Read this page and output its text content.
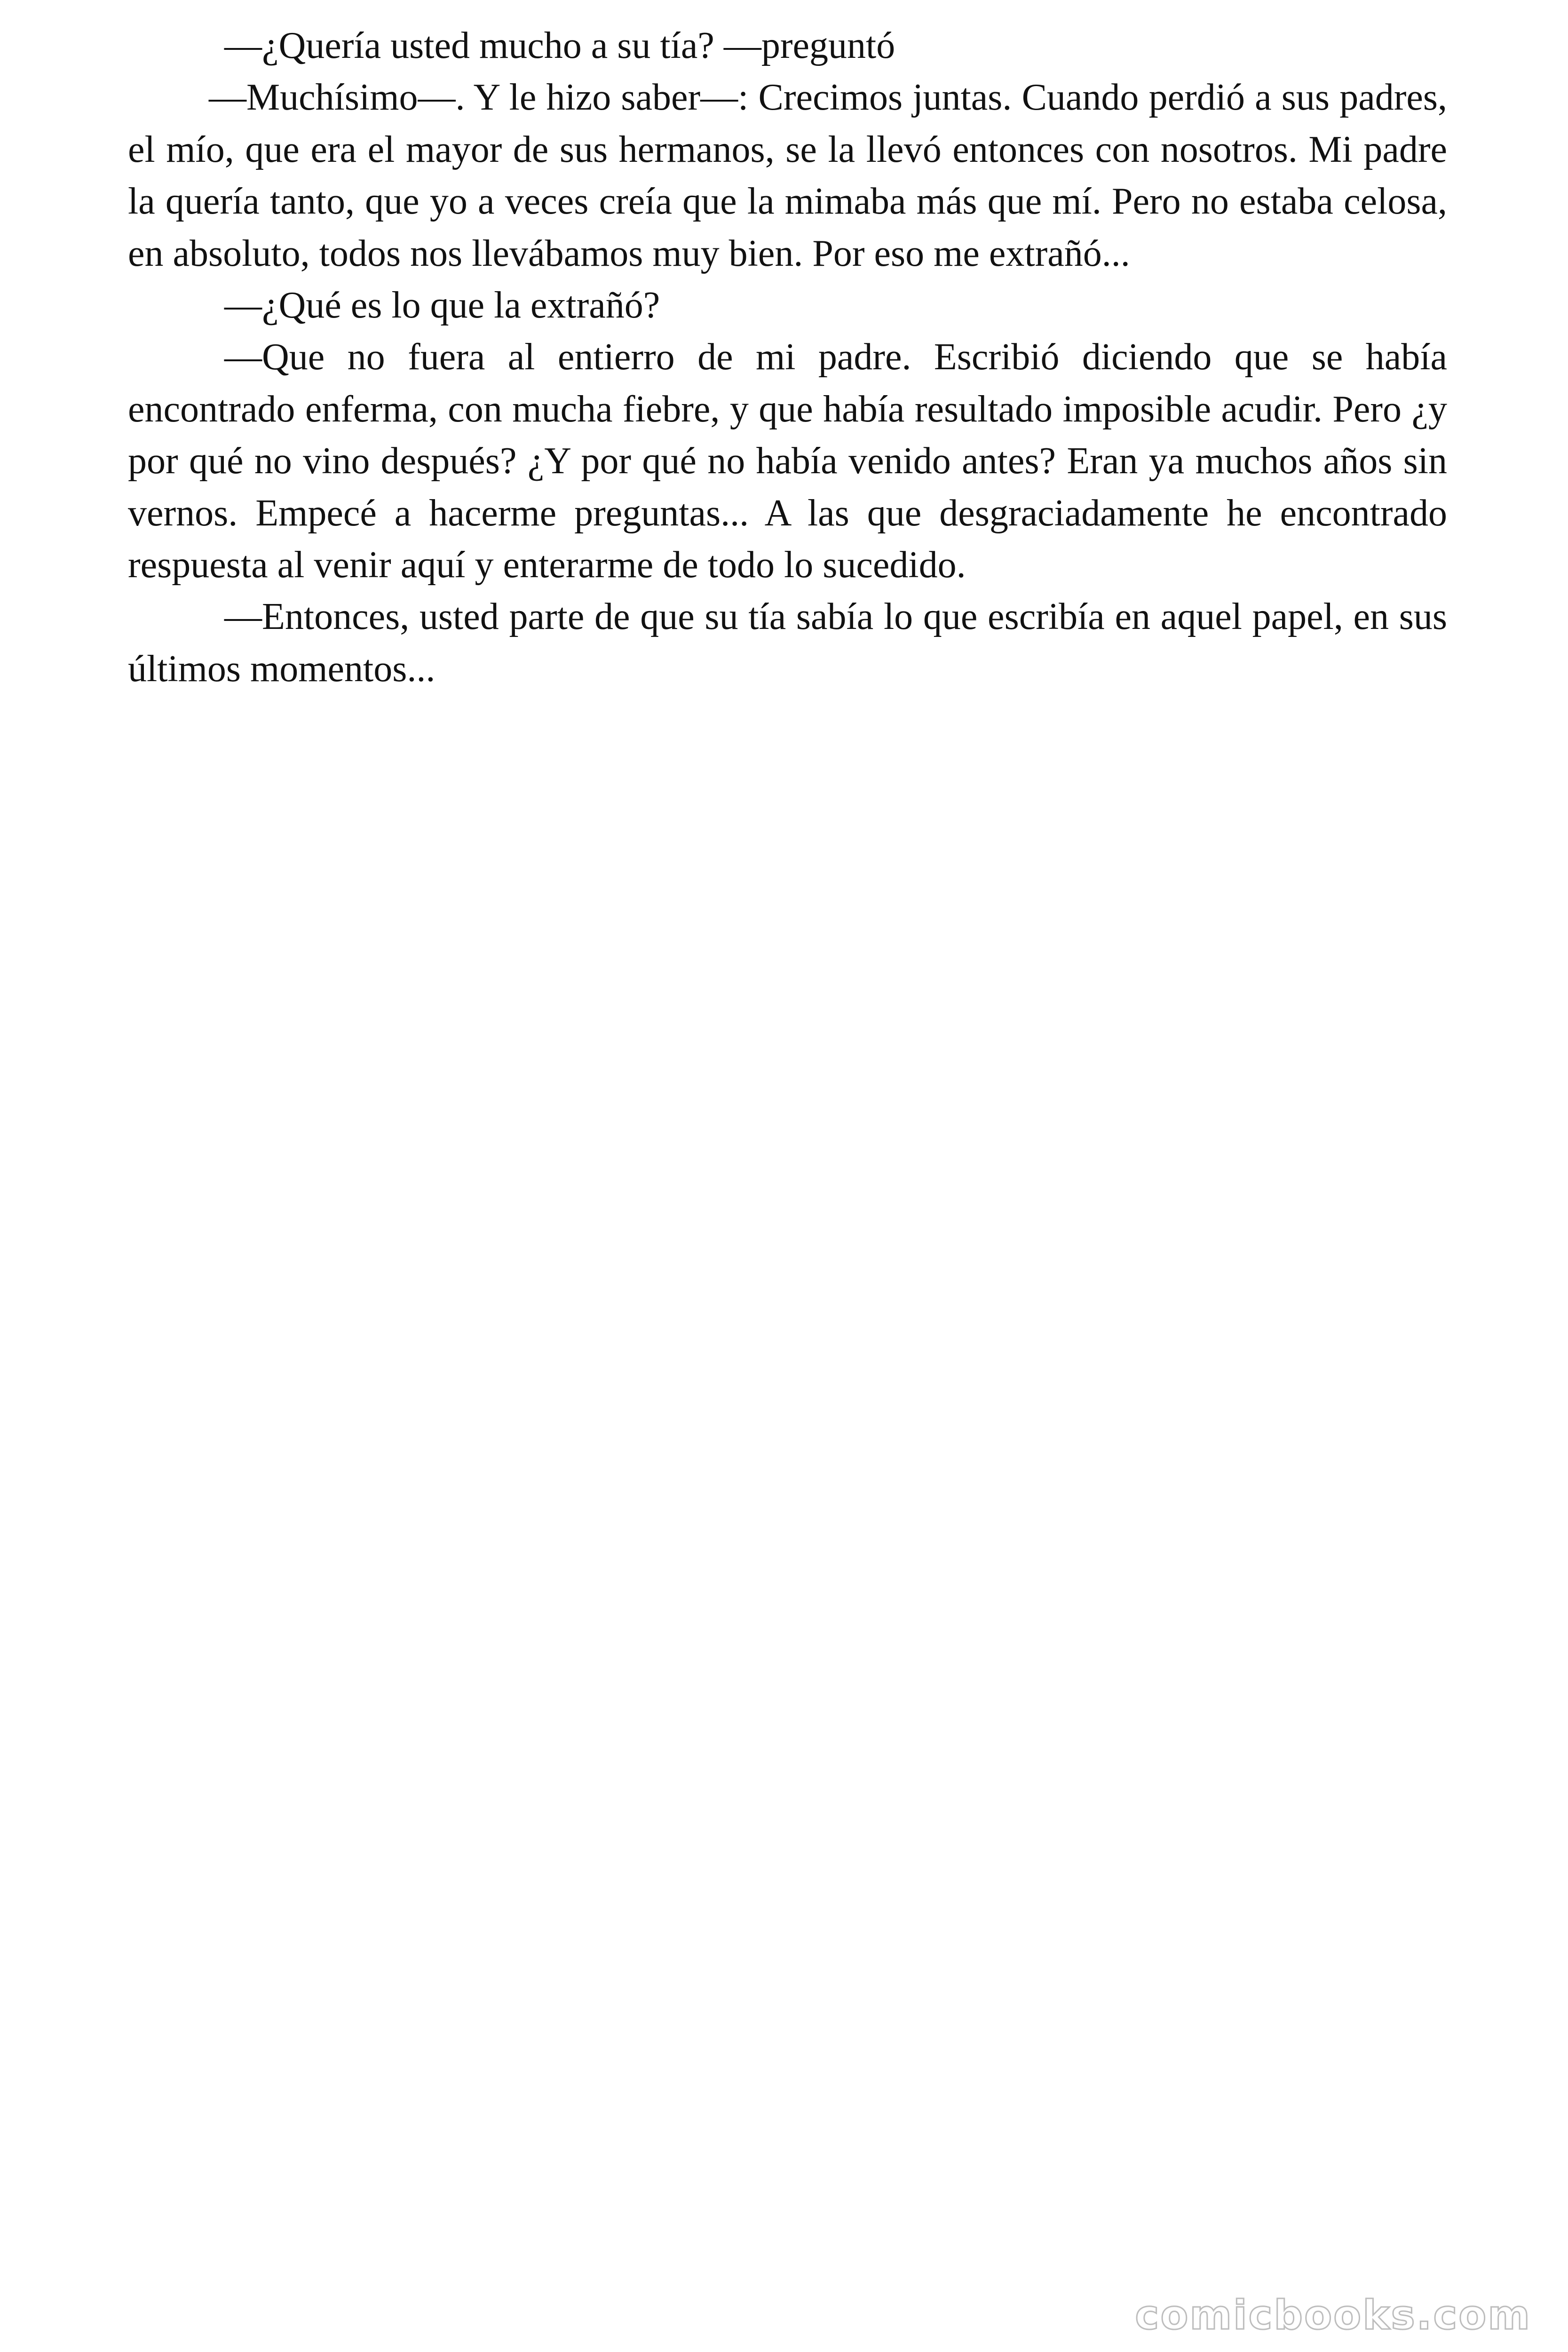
—¿Quería usted mucho a su tía? —preguntó

—Muchísimo—. Y le hizo saber—: Crecimos juntas. Cuando perdió a sus padres, el mío, que era el mayor de sus hermanos, se la llevó entonces con nosotros. Mi padre la quería tanto, que yo a veces creía que la mimaba más que mí. Pero no estaba celosa, en absoluto, todos nos llevábamos muy bien. Por eso me extrañó...

—¿Qué es lo que la extrañó?

—Que no fuera al entierro de mi padre. Escribió diciendo que se había encontrado enferma, con mucha fiebre, y que había resultado imposible acudir. Pero ¿y por qué no vino después? ¿Y por qué no había venido antes? Eran ya muchos años sin vernos. Empecé a hacerme preguntas... A las que desgraciadamente he encontrado respuesta al venir aquí y enterarme de todo lo sucedido.

—Entonces, usted parte de que su tía sabía lo que escribía en aquel papel, en sus últimos momentos...

comicbooks.com
